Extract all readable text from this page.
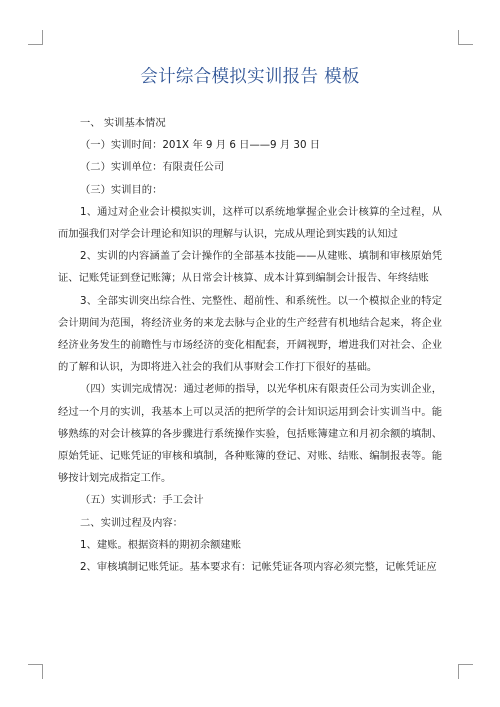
会计综合模拟实训报告 模板

一、 实训基本情况

（一）实训时间：201X 年 9 月 6 日——9 月 30 日

（二）实训单位：有限责任公司

（三）实训目的：

1、通过对企业会计模拟实训，这样可以系统地掌握企业会计核算的全过程，从而加强我们对学会计理论和知识的理解与认识，完成从理论到实践的认知过

2、实训的内容涵盖了会计操作的全部基本技能——从建账、填制和审核原始凭证、记账凭证到登记账簿；从日常会计核算、成本计算到编制会计报告、年终结账

3、全部实训突出综合性、完整性、超前性、和系统性。以一个模拟企业的特定会计期间为范围，将经济业务的来龙去脉与企业的生产经营有机地结合起来，将企业经济业务发生的前瞻性与市场经济的变化相配套，开阔视野，增进我们对社会、企业的了解和认识，为即将进入社会的我们从事财会工作打下很好的基础。

（四）实训完成情况：通过老师的指导，以光华机床有限责任公司为实训企业，经过一个月的实训，我基本上可以灵活的把所学的会计知识运用到会计实训当中。能够熟练的对会计核算的各步骤进行系统操作实验，包括账簿建立和月初余额的填制、原始凭证、记账凭证的审核和填制，各种账簿的登记、对账、结账、编制报表等。能够按计划完成指定工作。

（五）实训形式：手工会计

二、实训过程及内容：

1、建账。根据资料的期初余额建账

2、审核填制记账凭证。基本要求有：记帐凭证各项内容必须完整，记帐凭证应
